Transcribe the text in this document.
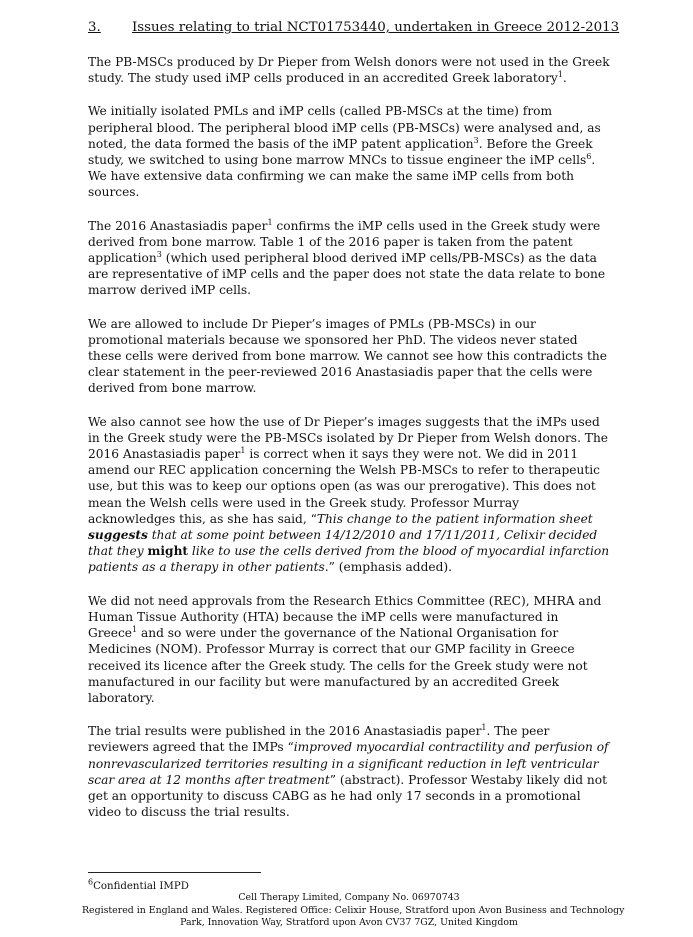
3. Issues relating to trial NCT01753440, undertaken in Greece 2012-2013

The PB-MSCs produced by Dr Pieper from Welsh donors were not used in the Greek study. The study used iMP cells produced in an accredited Greek laboratory$^1$.

We initially isolated PMLs and iMP cells (called PB-MSCs at the time) from peripheral blood. The peripheral blood iMP cells (PB-MSCs) were analysed and, as noted, the data formed the basis of the iMP patent application$^3$. Before the Greek study, we switched to using bone marrow MNCs to tissue engineer the iMP cells$^6$. We have extensive data confirming we can make the same iMP cells from both sources.

The 2016 Anastasiadis paper$^1$ confirms the iMP cells used in the Greek study were derived from bone marrow. Table 1 of the 2016 paper is taken from the patent application$^3$ (which used peripheral blood derived iMP cells/PB-MSCs) as the data are representative of iMP cells and the paper does not state the data relate to bone marrow derived iMP cells.

We are allowed to include Dr Pieper’s images of PMLs (PB-MSCs) in our promotional materials because we sponsored her PhD. The videos never stated these cells were derived from bone marrow. We cannot see how this contradicts the clear statement in the peer-reviewed 2016 Anastasiadis paper that the cells were derived from bone marrow.

We also cannot see how the use of Dr Pieper’s images suggests that the iMPs used in the Greek study were the PB-MSCs isolated by Dr Pieper from Welsh donors. The 2016 Anastasiadis paper$^1$ is correct when it says they were not. We did in 2011 amend our REC application concerning the Welsh PB-MSCs to refer to therapeutic use, but this was to keep our options open (as was our prerogative). This does not mean the Welsh cells were used in the Greek study. Professor Murray acknowledges this, as she has said, “This change to the patient information sheet suggests that at some point between 14/12/2010 and 17/11/2011, Celixir decided that they might like to use the cells derived from the blood of myocardial infarction patients as a therapy in other patients.” (emphasis added).

We did not need approvals from the Research Ethics Committee (REC), MHRA and Human Tissue Authority (HTA) because the iMP cells were manufactured in Greece$^1$ and so were under the governance of the National Organisation for Medicines (NOM). Professor Murray is correct that our GMP facility in Greece received its licence after the Greek study. The cells for the Greek study were not manufactured in our facility but were manufactured by an accredited Greek laboratory.

The trial results were published in the 2016 Anastasiadis paper$^1$. The peer reviewers agreed that the IMPs “improved myocardial contractility and perfusion of nonrevascularized territories resulting in a significant reduction in left ventricular scar area at 12 months after treatment” (abstract). Professor Westaby likely did not get an opportunity to discuss CABG as he had only 17 seconds in a promotional video to discuss the trial results.

$^6$Confidential IMPD
Cell Therapy Limited, Company No. 06970743
Registered in England and Wales. Registered Office: Celixir House, Stratford upon Avon Business and Technology
Park, Innovation Way, Stratford upon Avon CV37 7GZ, United Kingdom
